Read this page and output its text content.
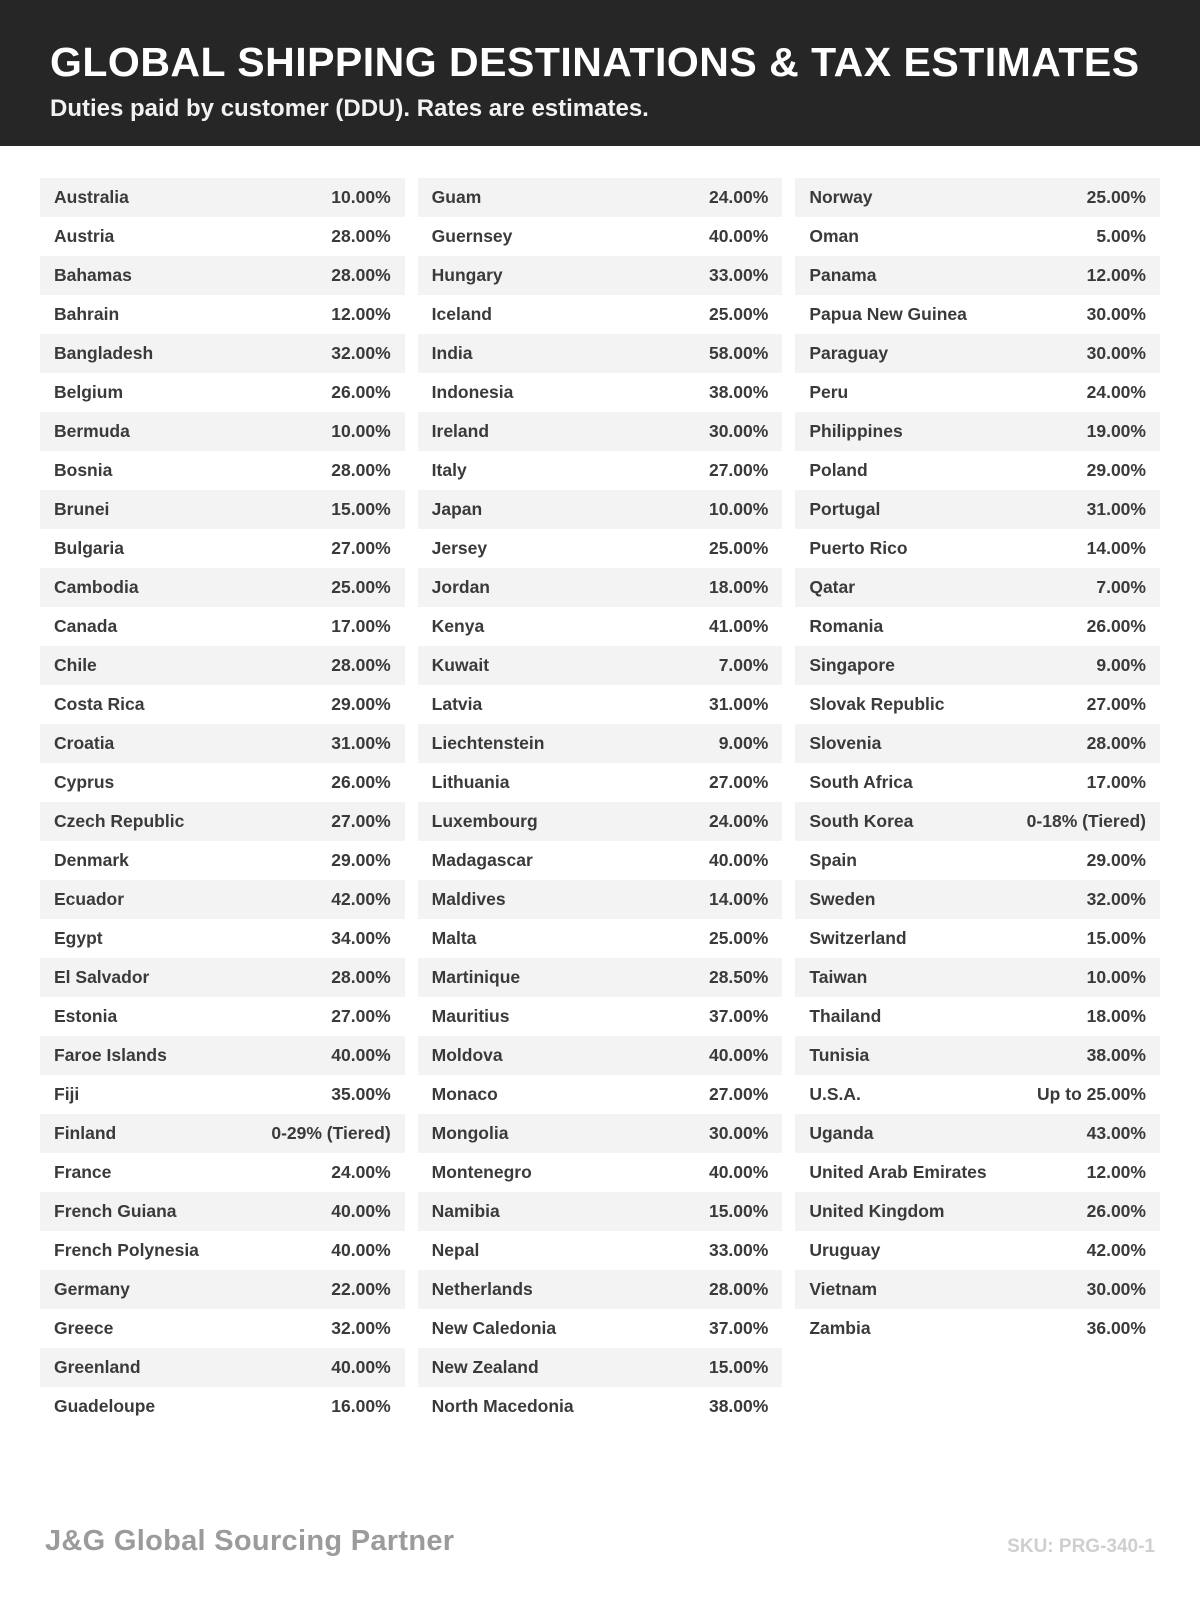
GLOBAL SHIPPING DESTINATIONS & TAX ESTIMATES

Duties paid by customer (DDU). Rates are estimates.

Australia	10.00%
Austria	28.00%
Bahamas	28.00%
Bahrain	12.00%
Bangladesh	32.00%
Belgium	26.00%
Bermuda	10.00%
Bosnia	28.00%
Brunei	15.00%
Bulgaria	27.00%
Cambodia	25.00%
Canada	17.00%
Chile	28.00%
Costa Rica	29.00%
Croatia	31.00%
Cyprus	26.00%
Czech Republic	27.00%
Denmark	29.00%
Ecuador	42.00%
Egypt	34.00%
El Salvador	28.00%
Estonia	27.00%
Faroe Islands	40.00%
Fiji	35.00%
Finland	0-29% (Tiered)
France	24.00%
French Guiana	40.00%
French Polynesia	40.00%
Germany	22.00%
Greece	32.00%
Greenland	40.00%
Guadeloupe	16.00%
Guam	24.00%
Guernsey	40.00%
Hungary	33.00%
Iceland	25.00%
India	58.00%
Indonesia	38.00%
Ireland	30.00%
Italy	27.00%
Japan	10.00%
Jersey	25.00%
Jordan	18.00%
Kenya	41.00%
Kuwait	7.00%
Latvia	31.00%
Liechtenstein	9.00%
Lithuania	27.00%
Luxembourg	24.00%
Madagascar	40.00%
Maldives	14.00%
Malta	25.00%
Martinique	28.50%
Mauritius	37.00%
Moldova	40.00%
Monaco	27.00%
Mongolia	30.00%
Montenegro	40.00%
Namibia	15.00%
Nepal	33.00%
Netherlands	28.00%
New Caledonia	37.00%
New Zealand	15.00%
North Macedonia	38.00%
Norway	25.00%
Oman	5.00%
Panama	12.00%
Papua New Guinea	30.00%
Paraguay	30.00%
Peru	24.00%
Philippines	19.00%
Poland	29.00%
Portugal	31.00%
Puerto Rico	14.00%
Qatar	7.00%
Romania	26.00%
Singapore	9.00%
Slovak Republic	27.00%
Slovenia	28.00%
South Africa	17.00%
South Korea	0-18% (Tiered)
Spain	29.00%
Sweden	32.00%
Switzerland	15.00%
Taiwan	10.00%
Thailand	18.00%
Tunisia	38.00%
U.S.A.	Up to 25.00%
Uganda	43.00%
United Arab Emirates	12.00%
United Kingdom	26.00%
Uruguay	42.00%
Vietnam	30.00%
Zambia	36.00%
J&G Global Sourcing Partner	SKU: PRG-340-1
